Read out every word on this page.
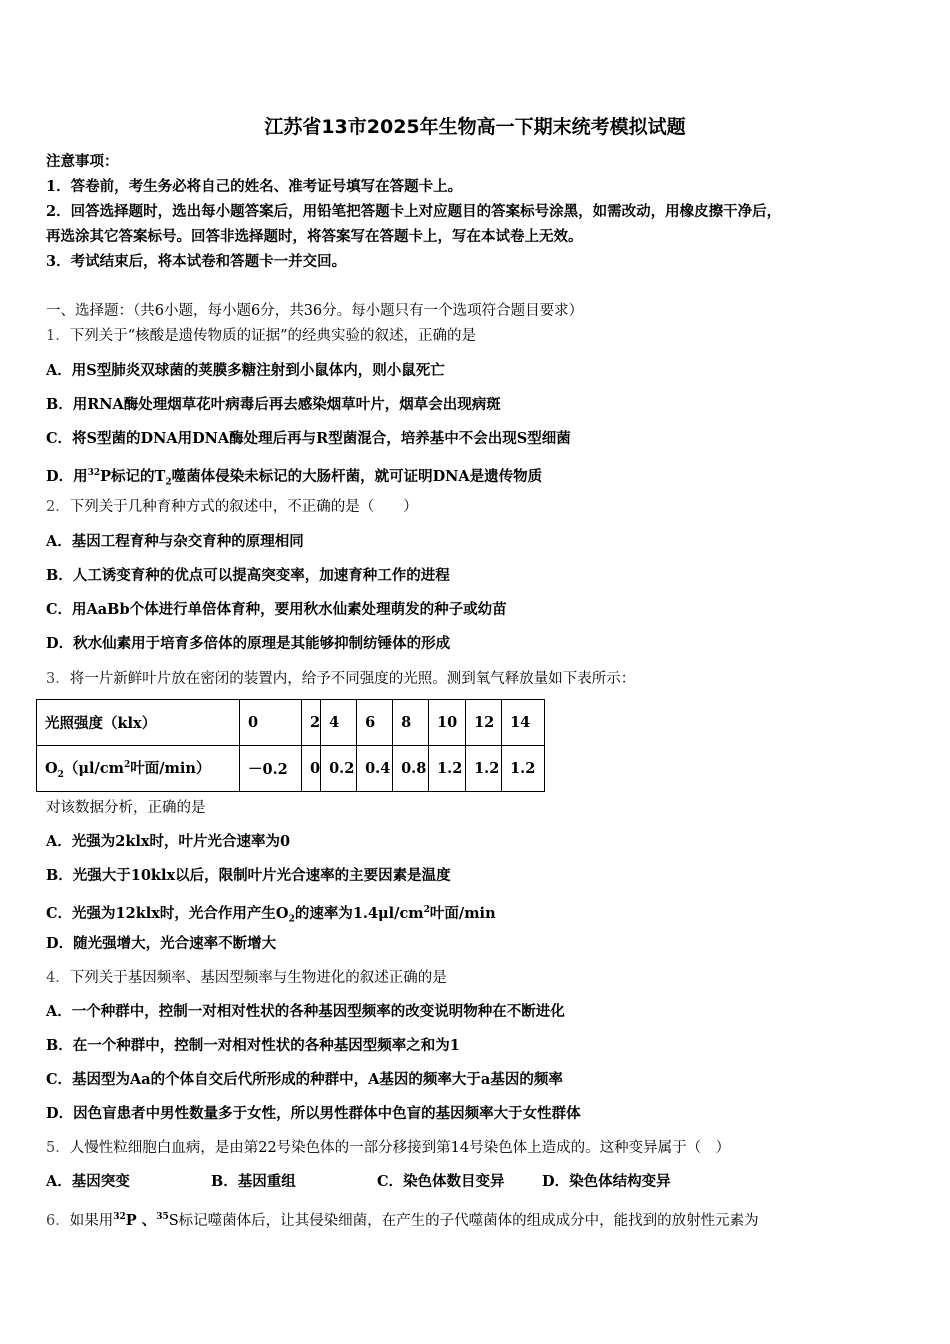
江苏省13市2025年生物高一下期末统考模拟试题
注意事项：
1．答卷前，考生务必将自己的姓名、准考证号填写在答题卡上。
2．回答选择题时，选出每小题答案后，用铅笔把答题卡上对应题目的答案标号涂黑，如需改动，用橡皮擦干净后，
再选涂其它答案标号。回答非选择题时，将答案写在答题卡上，写在本试卷上无效。
3．考试结束后，将本试卷和答题卡一并交回。
一、选择题：（共6小题，每小题6分，共36分。每小题只有一个选项符合题目要求）
1．下列关于“核酸是遗传物质的证据”的经典实验的叙述，正确的是
A．用S型肺炎双球菌的荚膜多糖注射到小鼠体内，则小鼠死亡
B．用RNA酶处理烟草花叶病毒后再去感染烟草叶片，烟草会出现病斑
C．将S型菌的DNA用DNA酶处理后再与R型菌混合，培养基中不会出现S型细菌
D．用$^{32}$P标记的$T_2$噬菌体侵染未标记的大肠杆菌，就可证明DNA是遗传物质
2．下列关于几种育种方式的叙述中，不正确的是（　　）
A．基因工程育种与杂交育种的原理相同
B．人工诱变育种的优点可以提高突变率，加速育种工作的进程
C．用AaBb个体进行单倍体育种，要用秋水仙素处理萌发的种子或幼苗
D．秋水仙素用于培育多倍体的原理是其能够抑制纺锤体的形成
3．将一片新鲜叶片放在密闭的装置内，给予不同强度的光照。测到氧气释放量如下表所示：
光照强度（klx）	0	2	4	6	8	10	12	14
$O_2(\mu l/cm^2$叶面/min）	－0.2	0	0.2	0.4	0.8	1.2	1.2	1.2
对该数据分析，正确的是
A．光强为2klx时，叶片光合速率为0
B．光强大于10klx以后，限制叶片光合速率的主要因素是温度
C．光强为12klx时，光合作用产生$O_2$的速率为$1.4\mu l/cm^2$叶面/min
D．随光强增大，光合速率不断增大
4．下列关于基因频率、基因型频率与生物进化的叙述正确的是
A．一个种群中，控制一对相对性状的各种基因型频率的改变说明物种在不断进化
B．在一个种群中，控制一对相对性状的各种基因型频率之和为1
C．基因型为Aa的个体自交后代所形成的种群中，A基因的频率大于a基因的频率
D．因色盲患者中男性数量多于女性，所以男性群体中色盲的基因频率大于女性群体
5．人慢性粒细胞白血病，是由第22号染色体的一部分移接到第14号染色体上造成的。这种变异属于（　）
A．基因突变	B．基因重组	C．染色体数目变异	D．染色体结构变异
6．如果用$^{32}$P 、$^{35}$S标记噬菌体后，让其侵染细菌，在产生的子代噬菌体的组成成分中，能找到的放射性元素为
